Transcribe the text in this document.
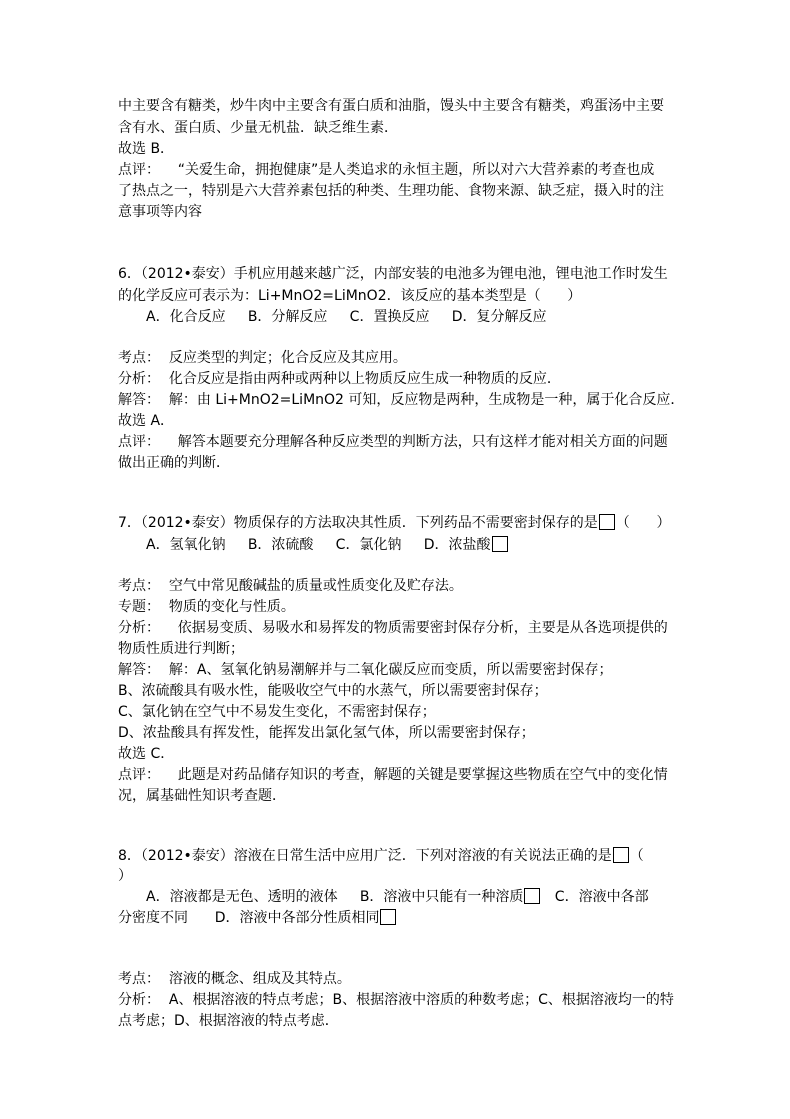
中主要含有糖类，炒牛肉中主要含有蛋白质和油脂，馒头中主要含有糖类，鸡蛋汤中主要
含有水、蛋白质、少量无机盐．缺乏维生素．
故选 B．
点评：    “关爱生命，拥抱健康”是人类追求的永恒主题，所以对六大营养素的考查也成
了热点之一，特别是六大营养素包括的种类、生理功能、食物来源、缺乏症，摄入时的注
意事项等内容
6．（2012•泰安）手机应用越来越广泛，内部安装的电池多为锂电池，锂电池工作时发生
的化学反应可表示为：Li+MnO2=LiMnO2．该反应的基本类型是（      ）
A．化合反应     B．分解反应     C．置换反应     D．复分解反应
考点：  反应类型的判定；化合反应及其应用。
分析：  化合反应是指由两种或两种以上物质反应生成一种物质的反应．
解答：  解：由 Li+MnO2=LiMnO2 可知，反应物是两种，生成物是一种，属于化合反应．
故选 A．
点评：    解答本题要充分理解各种反应类型的判断方法，只有这样才能对相关方面的问题
做出正确的判断．
7．（2012•泰安）物质保存的方法取决其性质．下列药品不需要密封保存的是 （      ）
A．氢氧化钠     B．浓硫酸     C．氯化钠     D．浓盐酸
考点：  空气中常见酸碱盐的质量或性质变化及贮存法。
专题：  物质的变化与性质。
分析：    依据易变质、易吸水和易挥发的物质需要密封保存分析，主要是从各选项提供的
物质性质进行判断；
解答：  解：A、氢氧化钠易潮解并与二氧化碳反应而变质，所以需要密封保存；
B、浓硫酸具有吸水性，能吸收空气中的水蒸气，所以需要密封保存；
C、氯化钠在空气中不易发生变化，不需密封保存；
D、浓盐酸具有挥发性，能挥发出氯化氢气体，所以需要密封保存；
故选 C．
点评：    此题是对药品储存知识的考查，解题的关键是要掌握这些物质在空气中的变化情
况，属基础性知识考查题．
8．（2012•泰安）溶液在日常生活中应用广泛．下列对溶液的有关说法正确的是 （
）
A．溶液都是无色、透明的液体     B．溶液中只能有一种溶质   C．溶液中各部
分密度不同      D．溶液中各部分性质相同
考点：  溶液的概念、组成及其特点。
分析：  A、根据溶液的特点考虑；B、根据溶液中溶质的种数考虑；C、根据溶液均一的特
点考虑；D、根据溶液的特点考虑．
